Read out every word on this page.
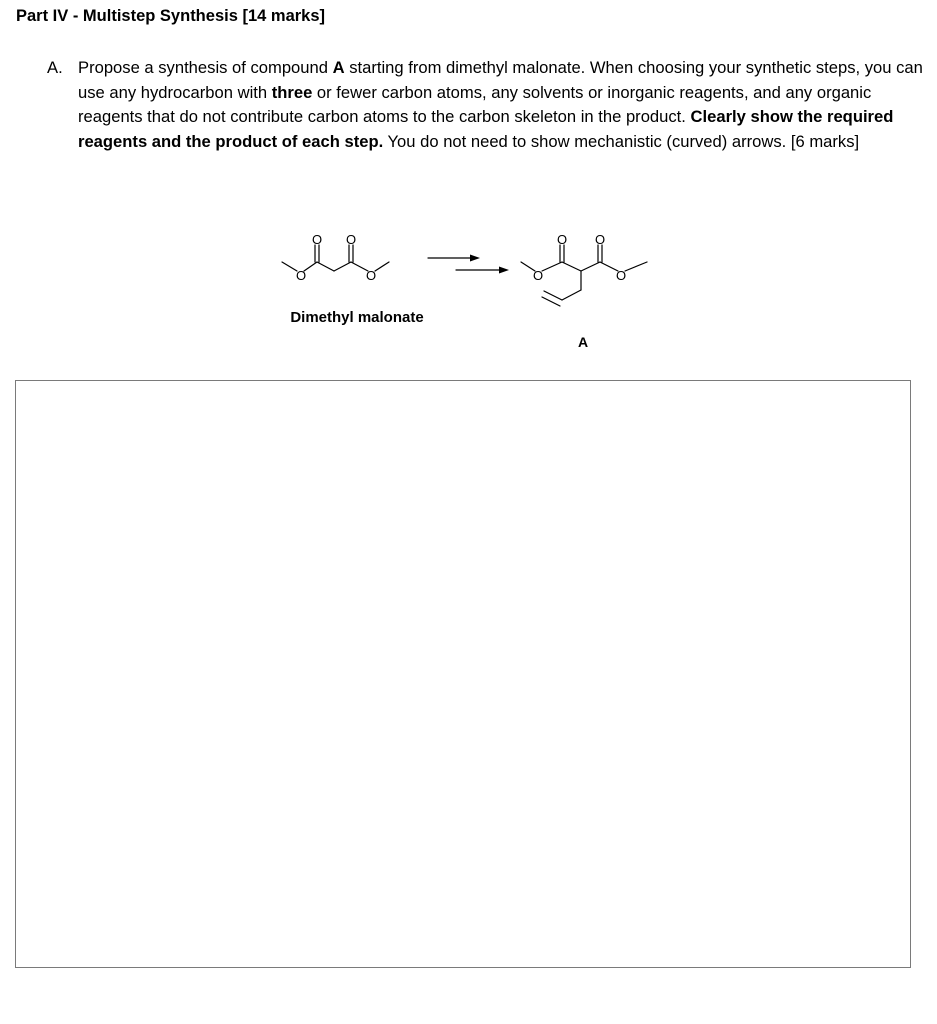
Part IV - Multistep Synthesis [14 marks]
A. Propose a synthesis of compound A starting from dimethyl malonate. When choosing your synthetic steps, you can use any hydrocarbon with three or fewer carbon atoms, any solvents or inorganic reagents, and any organic reagents that do not contribute carbon atoms to the carbon skeleton in the product. Clearly show the required reagents and the product of each step. You do not need to show mechanistic (curved) arrows. [6 marks]
O O
O	O
O O
O	O
Dimethyl malonate
A
